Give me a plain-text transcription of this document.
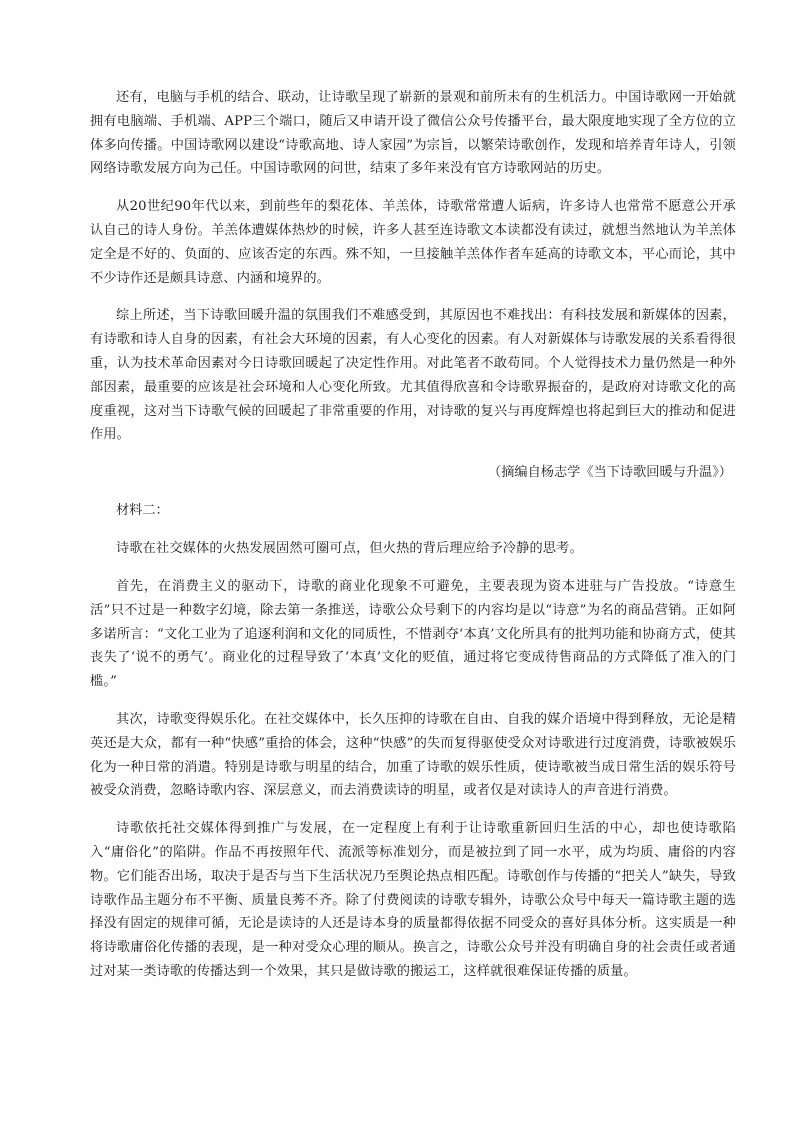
还有，电脑与手机的结合、联动，让诗歌呈现了崭新的景观和前所未有的生机活力。中国诗歌网一开始就拥有电脑端、手机端、APP三个端口，随后又申请开设了微信公众号传播平台，最大限度地实现了全方位的立体多向传播。中国诗歌网以建设“诗歌高地、诗人家园”为宗旨，以繁荣诗歌创作，发现和培养青年诗人，引领网络诗歌发展方向为己任。中国诗歌网的问世，结束了多年来没有官方诗歌网站的历史。

从20世纪90年代以来，到前些年的梨花体、羊羔体，诗歌常常遭人诟病，许多诗人也常常不愿意公开承认自己的诗人身份。羊羔体遭媒体热炒的时候，许多人甚至连诗歌文本读都没有读过，就想当然地认为羊羔体定全是不好的、负面的、应该否定的东西。殊不知，一旦接触羊羔体作者车延高的诗歌文本，平心而论，其中不少诗作还是颇具诗意、内涵和境界的。

综上所述，当下诗歌回暖升温的氛围我们不难感受到，其原因也不难找出：有科技发展和新媒体的因素，有诗歌和诗人自身的因素，有社会大环境的因素，有人心变化的因素。有人对新媒体与诗歌发展的关系看得很重，认为技术革命因素对今日诗歌回暖起了决定性作用。对此笔者不敢苟同。个人觉得技术力量仍然是一种外部因素，最重要的应该是社会环境和人心变化所致。尤其值得欣喜和令诗歌界振奋的，是政府对诗歌文化的高度重视，这对当下诗歌气候的回暖起了非常重要的作用，对诗歌的复兴与再度辉煌也将起到巨大的推动和促进作用。

（摘编自杨志学《当下诗歌回暖与升温》）

材料二：

诗歌在社交媒体的火热发展固然可圈可点，但火热的背后理应给予冷静的思考。

首先，在消费主义的驱动下，诗歌的商业化现象不可避免，主要表现为资本进驻与广告投放。“诗意生活”只不过是一种数字幻境，除去第一条推送，诗歌公众号剩下的内容均是以“诗意”为名的商品营销。正如阿多诺所言：“文化工业为了追逐利润和文化的同质性，不惜剥夺‘本真’文化所具有的批判功能和协商方式，使其丧失了‘说不的勇气’。商业化的过程导致了‘本真’文化的贬值，通过将它变成待售商品的方式降低了准入的门槛。”

其次，诗歌变得娱乐化。在社交媒体中，长久压抑的诗歌在自由、自我的媒介语境中得到释放，无论是精英还是大众，都有一种“快感”重拾的体会，这种“快感”的失而复得驱使受众对诗歌进行过度消费，诗歌被娱乐化为一种日常的消遣。特别是诗歌与明星的结合，加重了诗歌的娱乐性质，使诗歌被当成日常生活的娱乐符号被受众消费，忽略诗歌内容、深层意义，而去消费读诗的明星，或者仅是对读诗人的声音进行消费。

诗歌依托社交媒体得到推广与发展，在一定程度上有利于让诗歌重新回归生活的中心，却也使诗歌陷入“庸俗化”的陷阱。作品不再按照年代、流派等标准划分，而是被拉到了同一水平，成为均质、庸俗的内容物。它们能否出场，取决于是否与当下生活状况乃至舆论热点相匹配。诗歌创作与传播的“把关人”缺失，导致诗歌作品主题分布不平衡、质量良莠不齐。除了付费阅读的诗歌专辑外，诗歌公众号中每天一篇诗歌主题的选择没有固定的规律可循，无论是读诗的人还是诗本身的质量都得依据不同受众的喜好具体分析。这实质是一种将诗歌庸俗化传播的表现，是一种对受众心理的顺从。换言之，诗歌公众号并没有明确自身的社会责任或者通过对某一类诗歌的传播达到一个效果，其只是做诗歌的搬运工，这样就很难保证传播的质量。
